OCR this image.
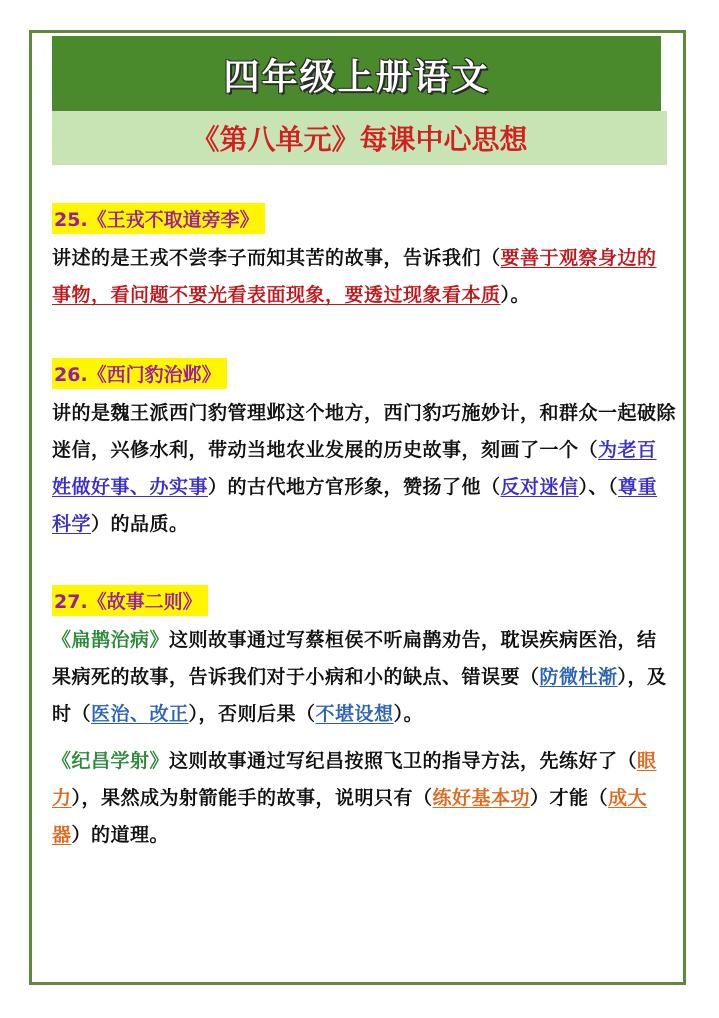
四年级上册语文
《第八单元》每课中心思想
25.《王戎不取道旁李》

讲述的是王戎不尝李子而知其苦的故事，告诉我们（要善于观察身边的事物，看问题不要光看表面现象，要透过现象看本质）。

26.《西门豹治邺》

讲的是魏王派西门豹管理邺这个地方，西门豹巧施妙计，和群众一起破除迷信，兴修水利，带动当地农业发展的历史故事，刻画了一个（为老百姓做好事、办实事）的古代地方官形象，赞扬了他（反对迷信）、（尊重科学）的品质。

27.《故事二则》

《扁鹊治病》这则故事通过写蔡桓侯不听扁鹊劝告，耽误疾病医治，结果病死的故事，告诉我们对于小病和小的缺点、错误要（防微杜渐），及时（医治、改正），否则后果（不堪设想）。

《纪昌学射》这则故事通过写纪昌按照飞卫的指导方法，先练好了（眼力），果然成为射箭能手的故事，说明只有（练好基本功）才能（成大器）的道理。
